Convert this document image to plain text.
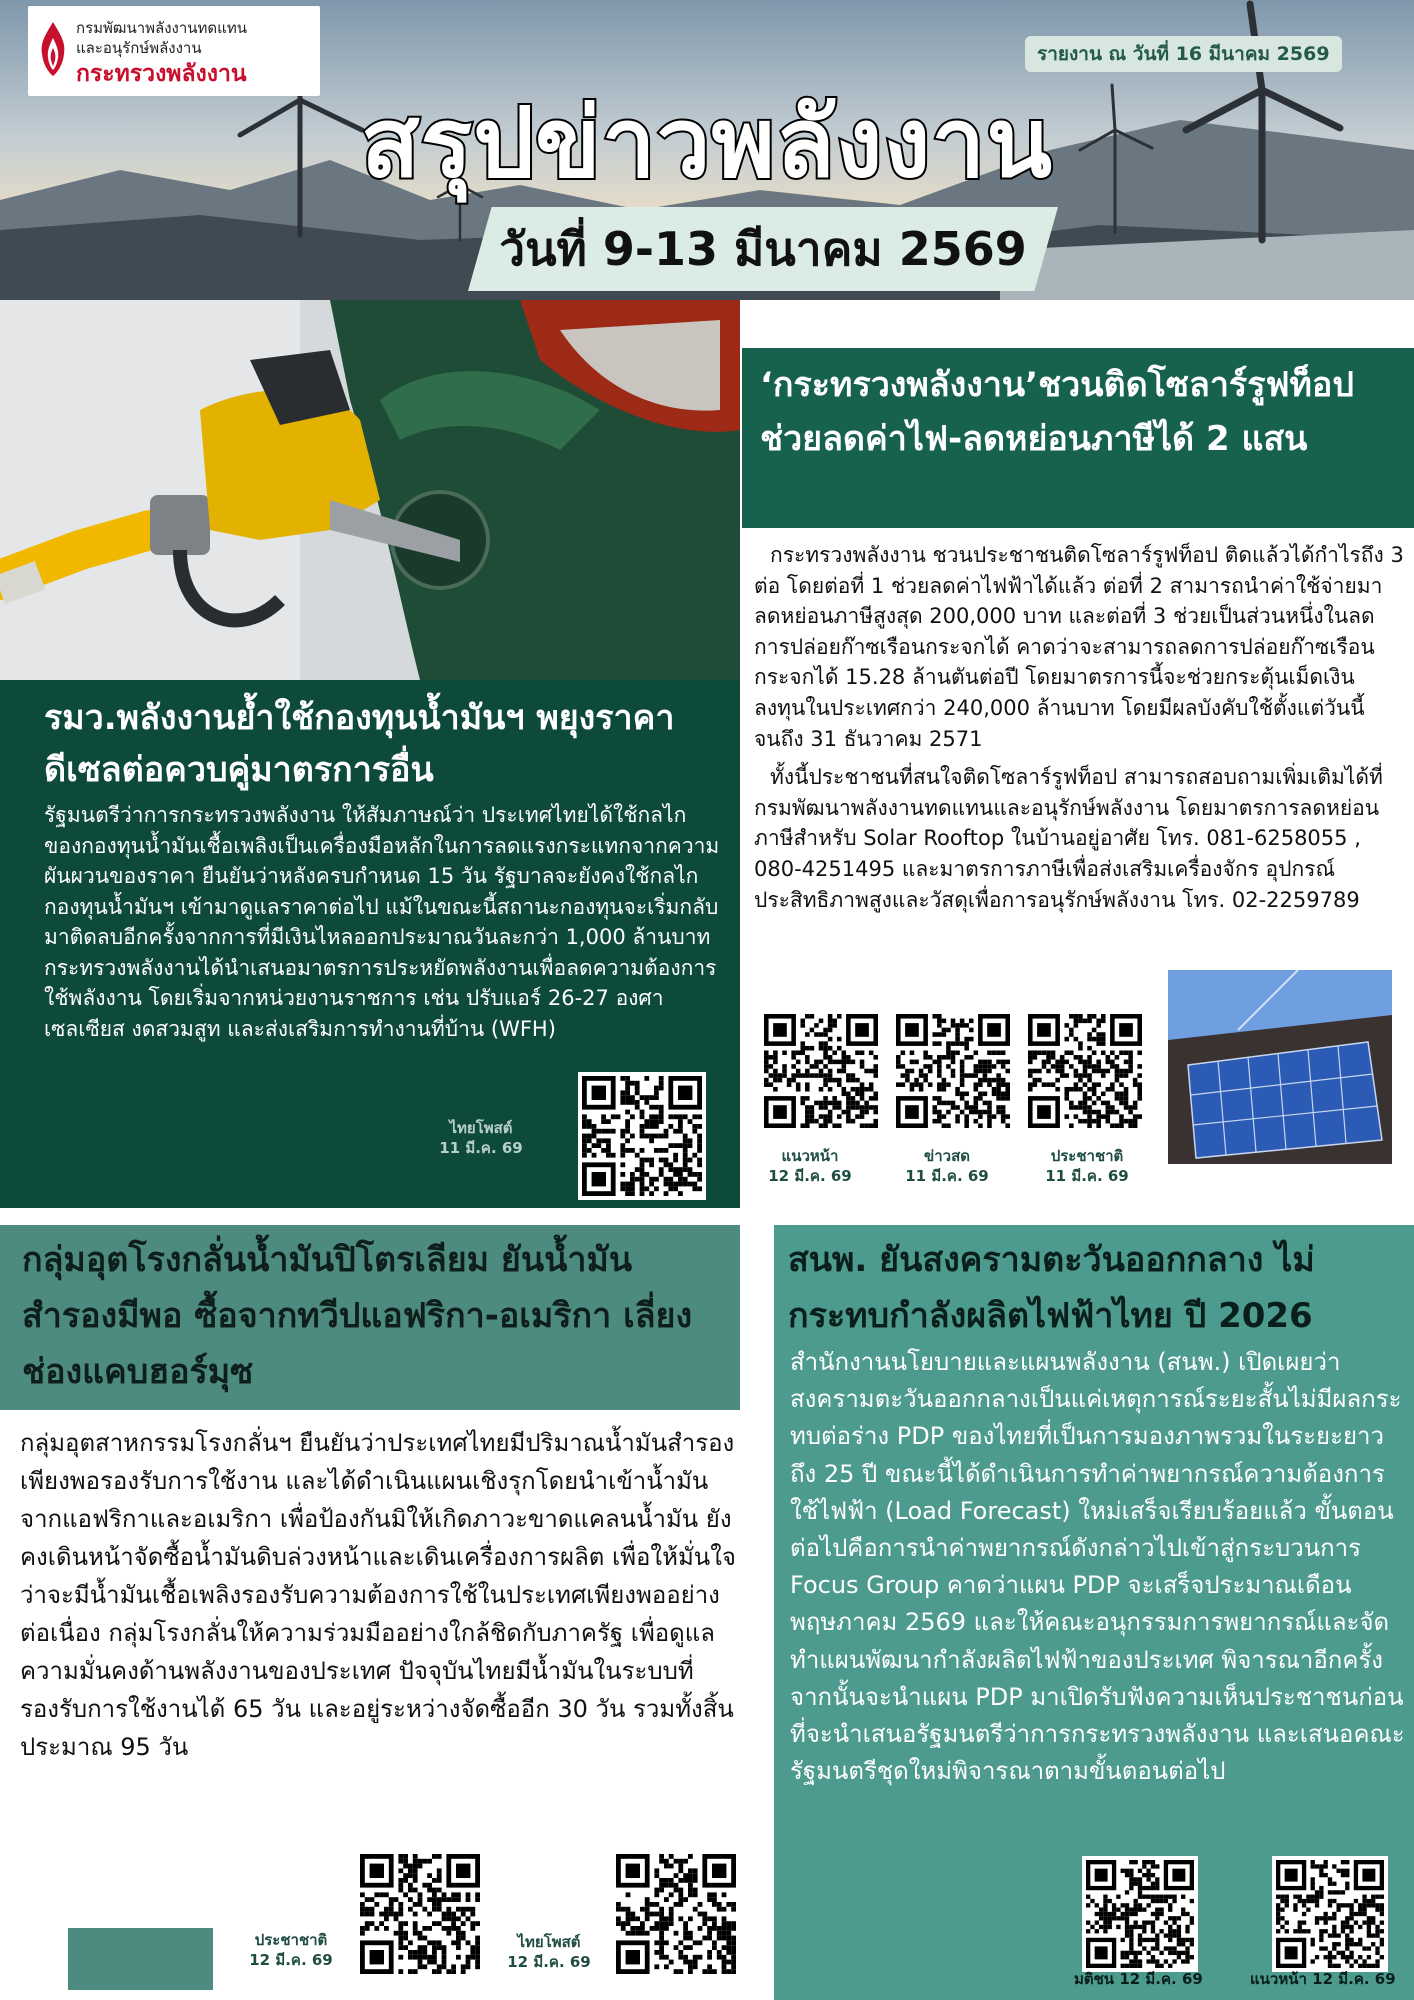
กรมพัฒนาพลังงานทดแทน
และอนุรักษ์พลังงาน
กระทรวงพลังงาน
รายงาน ณ วันที่ 16 มีนาคม 2569
สรุปข่าวพลังงาน
วันที่ 9-13 มีนาคม 2569
รมว.พลังงานย้ำใช้กองทุนน้ำมันฯ พยุงราคาดีเซลต่อควบคู่มาตรการอื่น
รัฐมนตรีว่าการกระทรวงพลังงาน ให้สัมภาษณ์ว่า ประเทศไทยได้ใช้กลไกของกองทุนน้ำมันเชื้อเพลิงเป็นเครื่องมือหลักในการลดแรงกระแทกจากความผันผวนของราคา ยืนยันว่าหลังครบกำหนด 15 วัน รัฐบาลจะยังคงใช้กลไกกองทุนน้ำมันฯ เข้ามาดูแลราคาต่อไป แม้ในขณะนี้สถานะกองทุนจะเริ่มกลับมาติดลบอีกครั้งจากการที่มีเงินไหลออกประมาณวันละกว่า 1,000 ล้านบาท กระทรวงพลังงานได้นำเสนอมาตรการประหยัดพลังงานเพื่อลดความต้องการใช้พลังงาน โดยเริ่มจากหน่วยงานราชการ เช่น ปรับแอร์ 26-27 องศาเซลเซียส งดสวมสูท และส่งเสริมการทำงานที่บ้าน (WFH)
ไทยโพสต์
11 มี.ค. 69
‘กระทรวงพลังงาน’ชวนติดโซลาร์รูฟท็อป ช่วยลดค่าไฟ-ลดหย่อนภาษีได้ 2 แสน

กระทรวงพลังงาน ชวนประชาชนติดโซลาร์รูฟท็อป ติดแล้วได้กำไรถึง 3 ต่อ โดยต่อที่ 1 ช่วยลดค่าไฟฟ้าได้แล้ว ต่อที่ 2 สามารถนำค่าใช้จ่ายมาลดหย่อนภาษีสูงสุด 200,000 บาท และต่อที่ 3 ช่วยเป็นส่วนหนึ่งในลดการปล่อยก๊าซเรือนกระจกได้ คาดว่าจะสามารถลดการปล่อยก๊าซเรือนกระจกได้ 15.28 ล้านตันต่อปี โดยมาตรการนี้จะช่วยกระตุ้นเม็ดเงินลงทุนในประเทศกว่า 240,000 ล้านบาท โดยมีผลบังคับใช้ตั้งแต่วันนี้ จนถึง 31 ธันวาคม 2571

ทั้งนี้ประชาชนที่สนใจติดโซลาร์รูฟท็อป สามารถสอบถามเพิ่มเติมได้ที่ กรมพัฒนาพลังงานทดแทนและอนุรักษ์พลังงาน โดยมาตรการลดหย่อนภาษีสำหรับ Solar Rooftop ในบ้านอยู่อาศัย โทร. 081-6258055 , 080-4251495 และมาตรการภาษีเพื่อส่งเสริมเครื่องจักร อุปกรณ์ประสิทธิภาพสูงและวัสดุเพื่อการอนุรักษ์พลังงาน โทร. 02-2259789

แนวหน้า
12 มี.ค. 69
ข่าวสด
11 มี.ค. 69
ประชาชาติ
11 มี.ค. 69
กลุ่มอุตโรงกลั่นน้ำมันปิโตรเลียม ยันน้ำมันสำรองมีพอ ซื้อจากทวีปแอฟริกา-อเมริกา เลี่ยงช่องแคบฮอร์มุซ
กลุ่มอุตสาหกรรมโรงกลั่นฯ ยืนยันว่าประเทศไทยมีปริมาณน้ำมันสำรองเพียงพอรองรับการใช้งาน และได้ดำเนินแผนเชิงรุกโดยนำเข้าน้ำมันจากแอฟริกาและอเมริกา เพื่อป้องกันมิให้เกิดภาวะขาดแคลนน้ำมัน ยังคงเดินหน้าจัดซื้อน้ำมันดิบล่วงหน้าและเดินเครื่องการผลิต เพื่อให้มั่นใจว่าจะมีน้ำมันเชื้อเพลิงรองรับความต้องการใช้ในประเทศเพียงพออย่างต่อเนื่อง กลุ่มโรงกลั่นให้ความร่วมมืออย่างใกล้ชิดกับภาครัฐ เพื่อดูแลความมั่นคงด้านพลังงานของประเทศ ปัจจุบันไทยมีน้ำมันในระบบที่รองรับการใช้งานได้ 65 วัน และอยู่ระหว่างจัดซื้ออีก 30 วัน รวมทั้งสิ้นประมาณ 95 วัน
ประชาชาติ
12 มี.ค. 69
ไทยโพสต์
12 มี.ค. 69
สนพ. ยันสงครามตะวันออกกลาง ไม่กระทบกำลังผลิตไฟฟ้าไทย ปี 2026
สำนักงานนโยบายและแผนพลังงาน (สนพ.) เปิดเผยว่าสงครามตะวันออกกลางเป็นแค่เหตุการณ์ระยะสั้นไม่มีผลกระทบต่อร่าง PDP ของไทยที่เป็นการมองภาพรวมในระยะยาวถึง 25 ปี ขณะนี้ได้ดำเนินการทำค่าพยากรณ์ความต้องการใช้ไฟฟ้า (Load Forecast) ใหม่เสร็จเรียบร้อยแล้ว ขั้นตอนต่อไปคือการนำค่าพยากรณ์ดังกล่าวไปเข้าสู่กระบวนการ Focus Group คาดว่าแผน PDP จะเสร็จประมาณเดือนพฤษภาคม 2569 และให้คณะอนุกรรมการพยากรณ์และจัดทำแผนพัฒนากำลังผลิตไฟฟ้าของประเทศ พิจารณาอีกครั้ง จากนั้นจะนำแผน PDP มาเปิดรับฟังความเห็นประชาชนก่อนที่จะนำเสนอรัฐมนตรีว่าการกระทรวงพลังงาน และเสนอคณะรัฐมนตรีชุดใหม่พิจารณาตามขั้นตอนต่อไป
มติชน 12 มี.ค. 69	แนวหน้า 12 มี.ค. 69
